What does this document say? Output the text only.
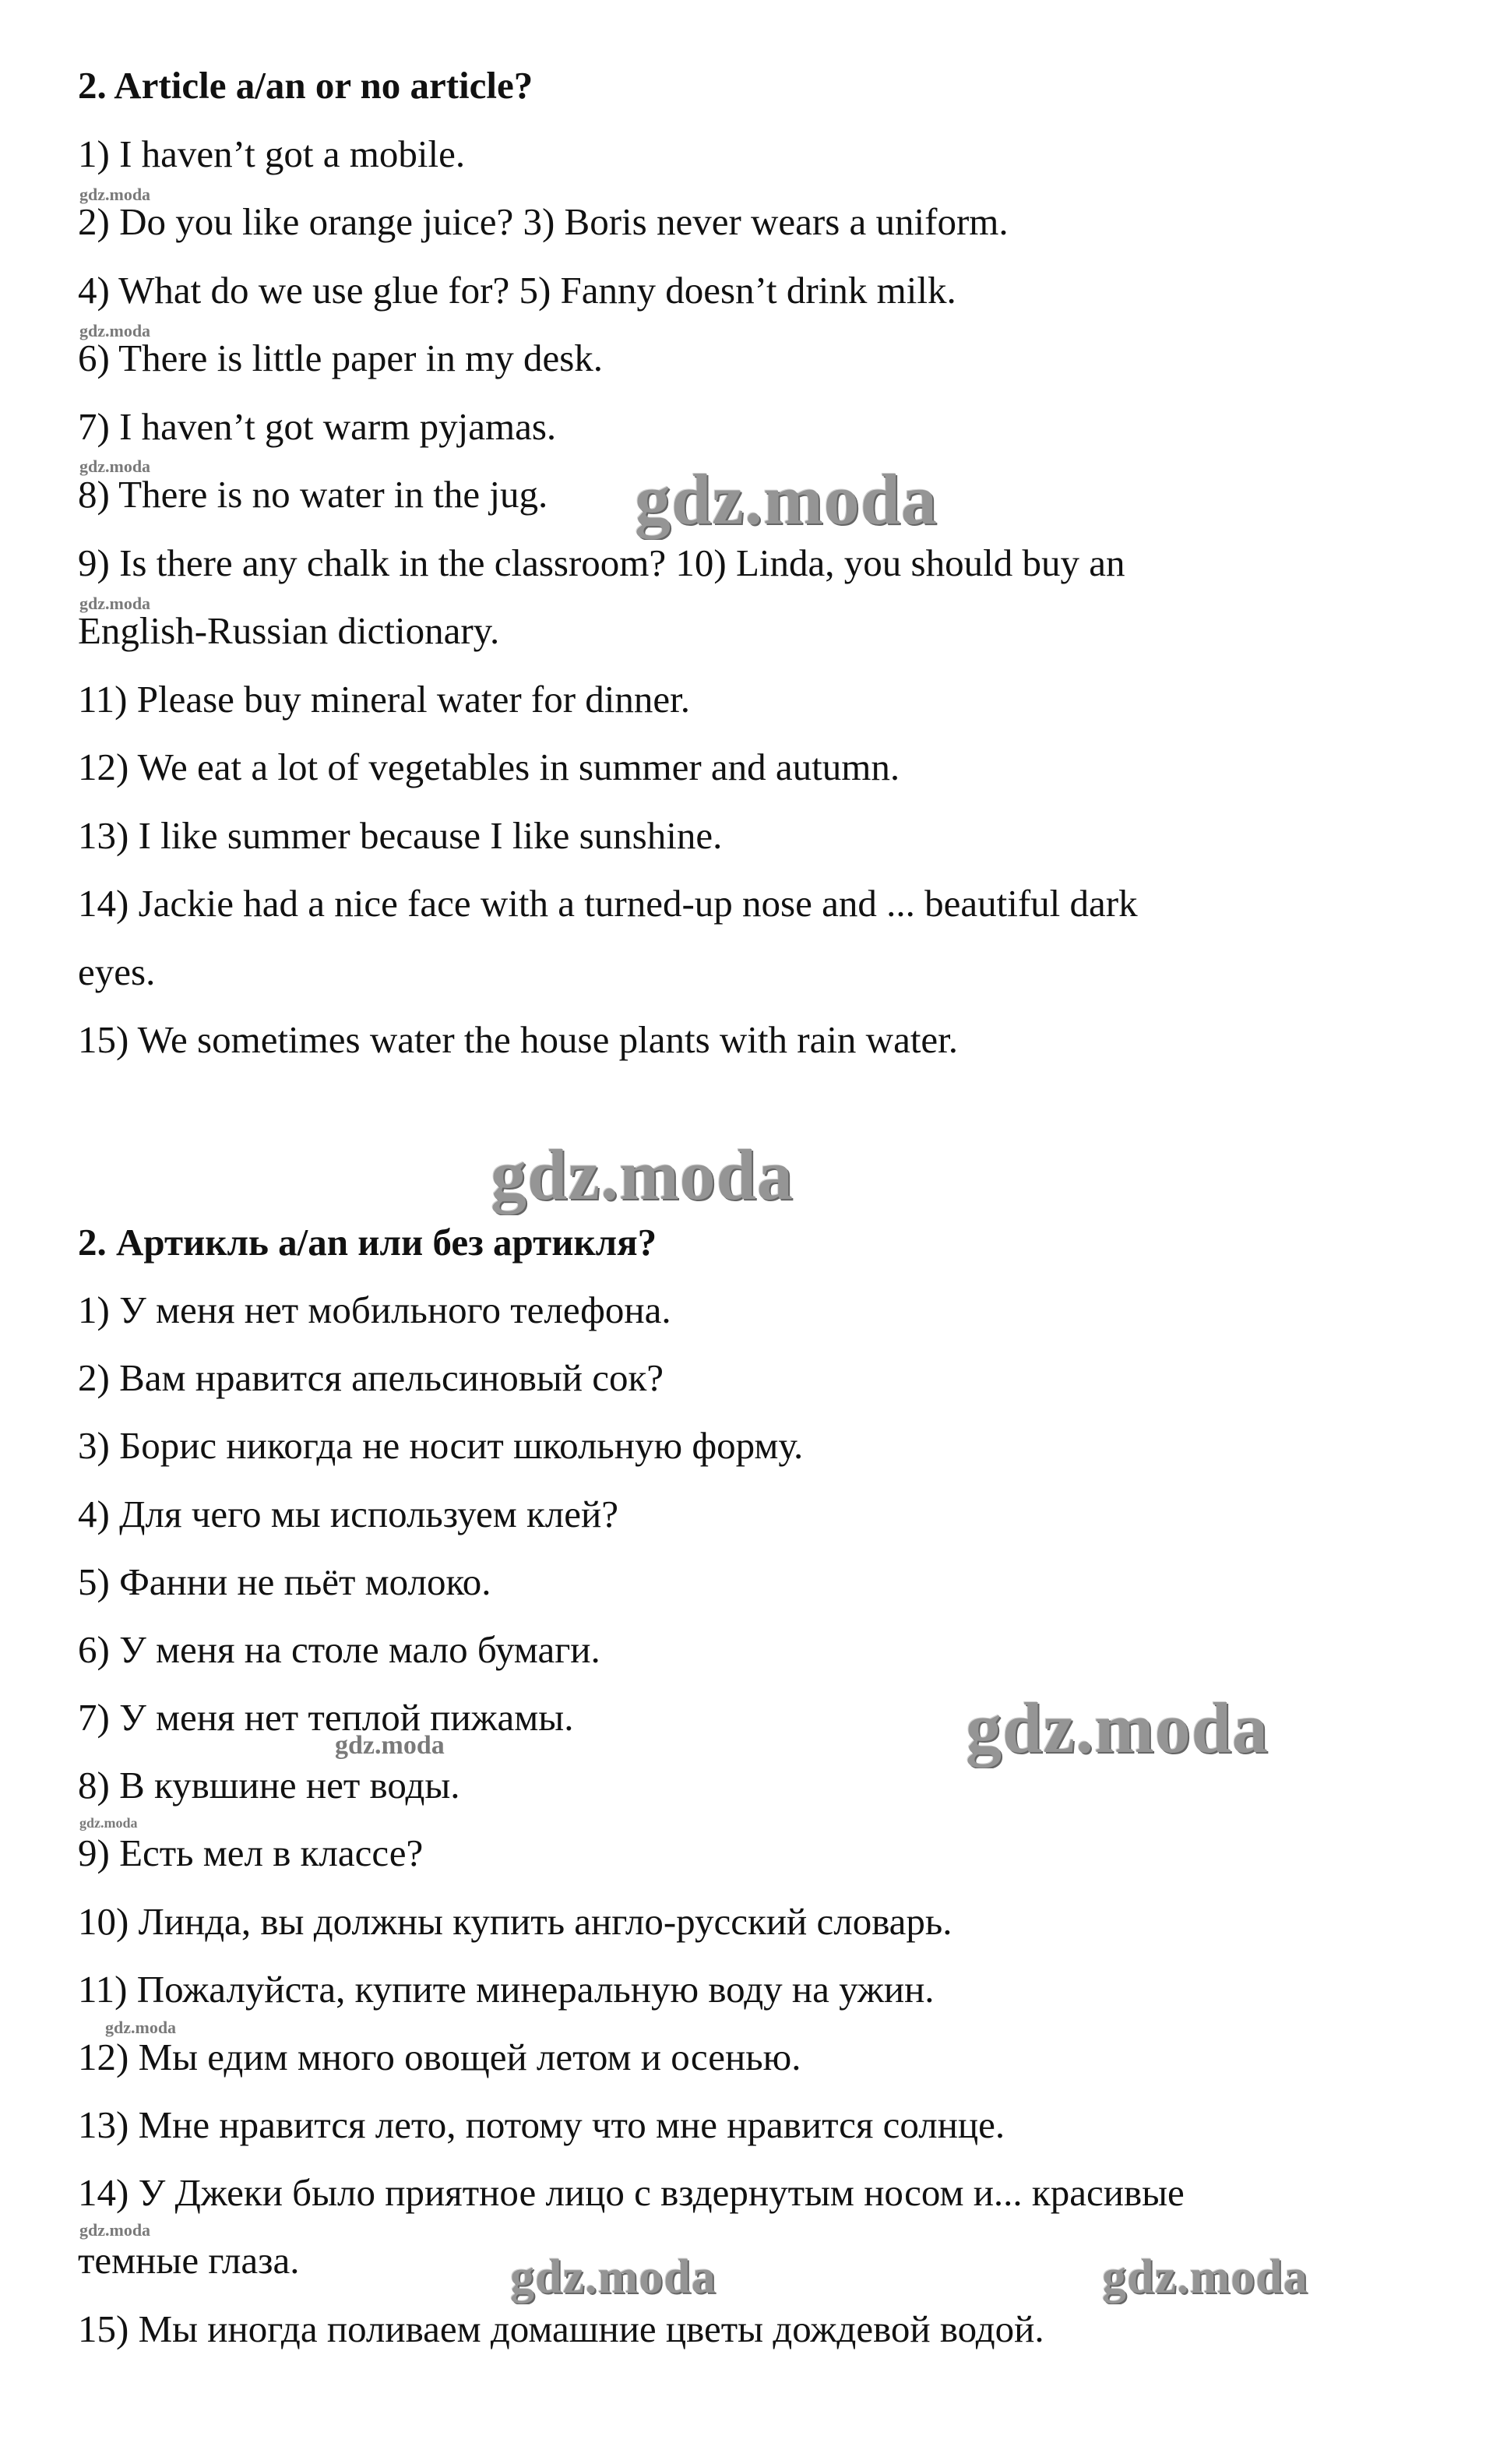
2. Article a/an or no article?
1) I haven’t got a mobile.
2) Do you like orange juice? 3) Boris never wears a uniform.
4) What do we use glue for? 5) Fanny doesn’t drink milk.
6) There is little paper in my desk.
7) I haven’t got warm pyjamas.
8) There is no water in the jug.
9) Is there any chalk in the classroom? 10) Linda, you should buy an
English-Russian dictionary.
11) Please buy mineral water for dinner.
12) We eat a lot of vegetables in summer and autumn.
13) I like summer because I like sunshine.
14) Jackie had a nice face with a turned-up nose and ... beautiful dark
eyes.
15) We sometimes water the house plants with rain water.
2. Артикль a/an или без артикля?
1) У меня нет мобильного телефона.
2) Вам нравится апельсиновый сок?
3) Борис никогда не носит школьную форму.
4) Для чего мы используем клей?
5) Фанни не пьёт молоко.
6) У меня на столе мало бумаги.
7) У меня нет теплой пижамы.
8) В кувшине нет воды.
9) Есть мел в классе?
10) Линда, вы должны купить англо-русский словарь.
11) Пожалуйста, купите минеральную воду на ужин.
12) Мы едим много овощей летом и осенью.
13) Мне нравится лето, потому что мне нравится солнце.
14) У Джеки было приятное лицо с вздернутым носом и... красивые
темные глаза.
15) Мы иногда поливаем домашние цветы дождевой водой.
gdz.moda
gdz.moda
gdz.moda
gdz.moda	gdz.moda
gdz.moda
gdz.moda
gdz.moda
gdz.moda
gdz.moda
gdz.moda
gdz.moda
gdz.moda
